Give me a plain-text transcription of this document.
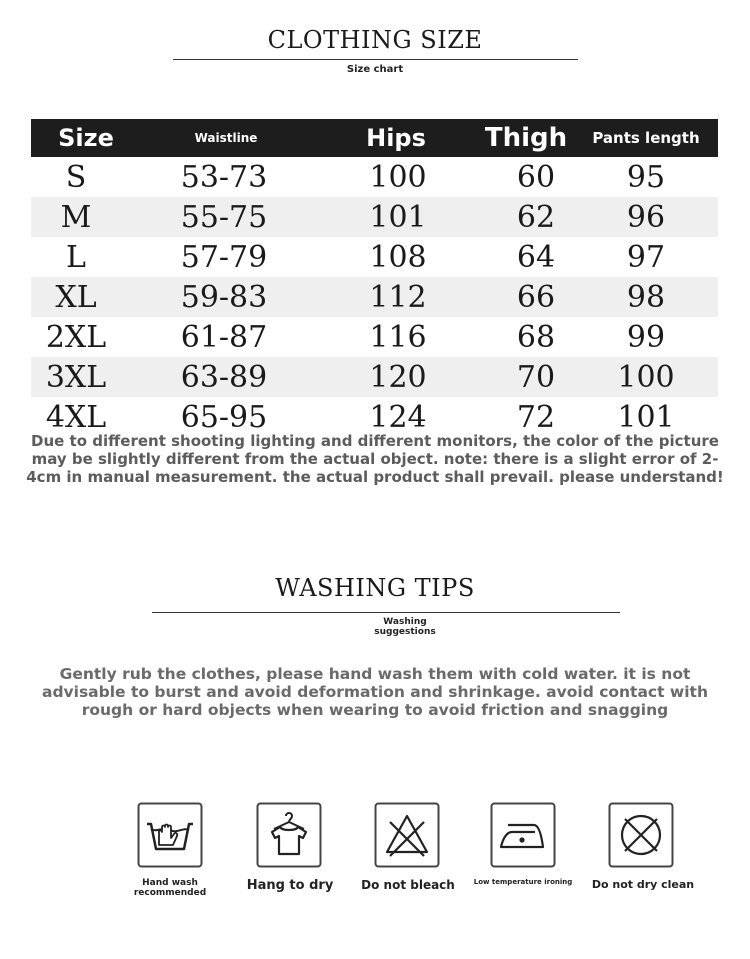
CLOTHING SIZE
Size chart
Size	Waistline	Hips	Thigh	Pants length
S	53-73	100	60	95
M	55-75	101	62	96
L	57-79	108	64	97
XL	59-83	112	66	98
2XL	61-87	116	68	99
3XL	63-89	120	70	100
4XL	65-95	124	72	101
Due to different shooting lighting and different monitors, the color of the picture may be slightly different from the actual object. note: there is a slight error of 2-4cm in manual measurement. the actual product shall prevail. please understand!
WASHING TIPS
Washing suggestions
Gently rub the clothes, please hand wash them with cold water. it is not advisable to burst and avoid deformation and shrinkage. avoid contact with rough or hard objects when wearing to avoid friction and snagging
Hand wash recommended	Hang to dry	Do not bleach	Low temperature ironing	Do not dry clean
